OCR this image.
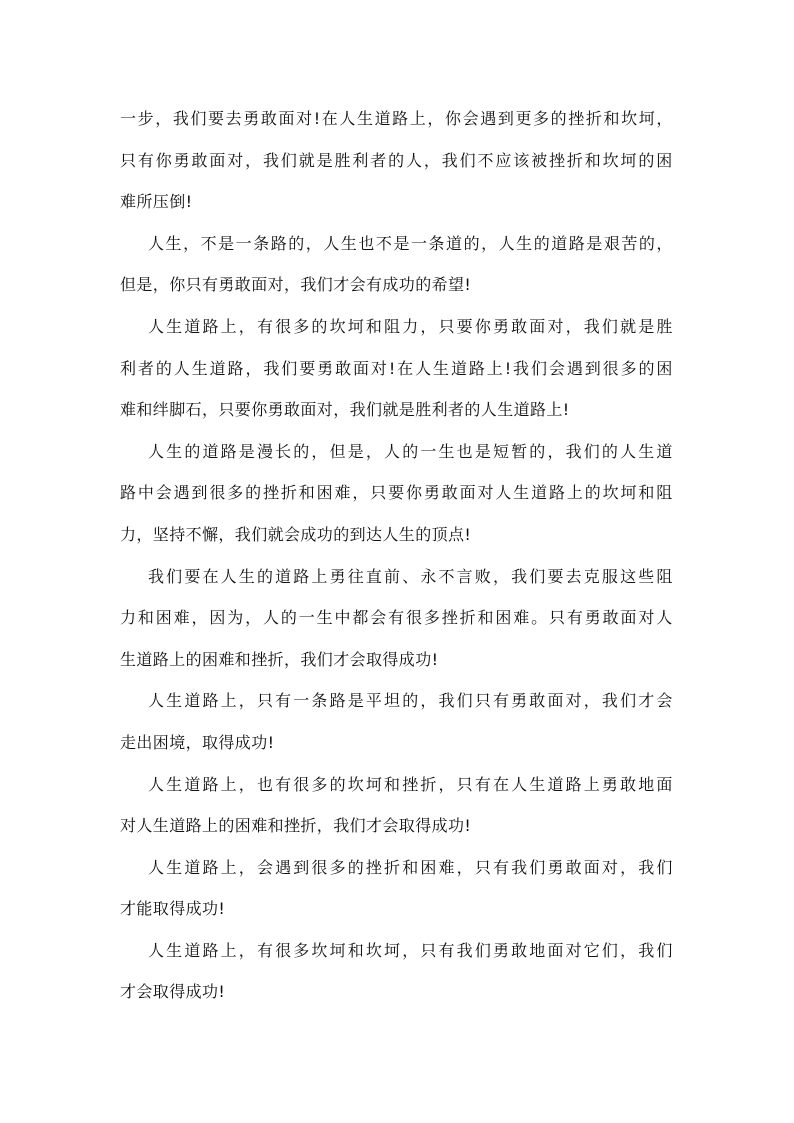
一 步 ， 我 们 要 去 勇 敢 面 对 ! 在 人 生 道 路 上 ， 你 会 遇 到 更 多 的 挫 折 和 坎 坷 ，
只 有 你 勇 敢 面 对 ， 我 们 就 是 胜 利 者 的 人 ， 我 们 不 应 该 被 挫 折 和 坎 坷 的 困
难所压倒!
人 生 ， 不 是 一 条 路 的 ， 人 生 也 不 是 一 条 道 的 ， 人 生 的 道 路 是 艰 苦 的 ，
但是，你只有勇敢面对，我们才会有成功的希望!
人 生 道 路 上 ， 有 很 多 的 坎 坷 和 阻 力 ， 只 要 你 勇 敢 面 对 ， 我 们 就 是 胜
利 者 的 人 生 道 路 ， 我 们 要 勇 敢 面 对 ! 在 人 生 道 路 上 ! 我 们 会 遇 到 很 多 的 困
难和绊脚石，只要你勇敢面对，我们就是胜利者的人生道路上!
人 生 的 道 路 是 漫 长 的 ， 但 是 ， 人 的 一 生 也 是 短 暂 的 ， 我 们 的 人 生 道
路 中 会 遇 到 很 多 的 挫 折 和 困 难 ， 只 要 你 勇 敢 面 对 人 生 道 路 上 的 坎 坷 和 阻
力，坚持不懈，我们就会成功的到达人生的顶点!
我 们 要 在 人 生 的 道 路 上 勇 往 直 前 、 永 不 言 败 ， 我 们 要 去 克 服 这 些 阻
力 和 困 难 ， 因 为 ， 人 的 一 生 中 都 会 有 很 多 挫 折 和 困 难 。 只 有 勇 敢 面 对 人
生道路上的困难和挫折，我们才会取得成功!
人 生 道 路 上 ， 只 有 一 条 路 是 平 坦 的 ， 我 们 只 有 勇 敢 面 对 ， 我 们 才 会
走出困境，取得成功!
人 生 道 路 上 ， 也 有 很 多 的 坎 坷 和 挫 折 ， 只 有 在 人 生 道 路 上 勇 敢 地 面
对人生道路上的困难和挫折，我们才会取得成功!
人 生 道 路 上 ， 会 遇 到 很 多 的 挫 折 和 困 难 ， 只 有 我 们 勇 敢 面 对 ， 我 们
才能取得成功!
人 生 道 路 上 ， 有 很 多 坎 坷 和 坎 坷 ， 只 有 我 们 勇 敢 地 面 对 它 们 ， 我 们
才会取得成功!
